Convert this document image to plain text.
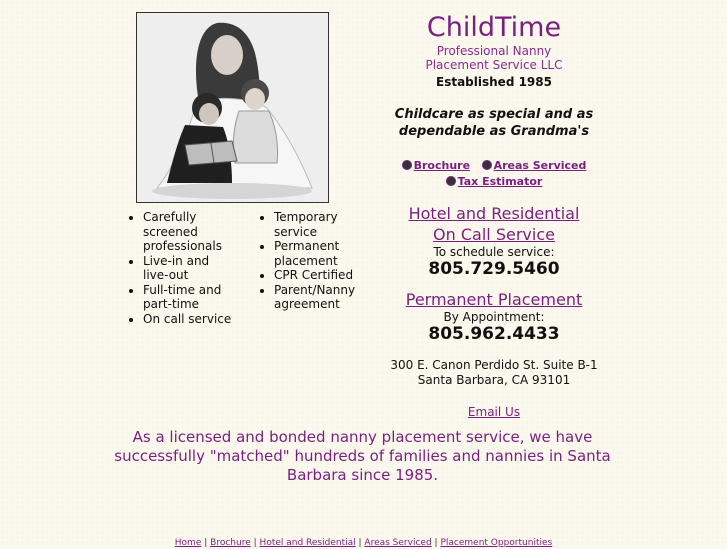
• Carefully screened professionals
• Live-in and live-out
• Full-time and part-time
• On call service
• Temporary service
• Permanent placement
• CPR Certified
• Parent/Nanny agreement
ChildTime
Professional Nanny
Placement Service LLC
Established 1985
Childcare as special and as
dependable as Grandma's
Brochure Areas Serviced
Tax Estimator
Hotel and Residential
On Call Service
To schedule service:
805.729.5460
Permanent Placement
By Appointment:
805.962.4433
300 E. Canon Perdido St. Suite B-1
Santa Barbara, CA 93101
Email Us
As a licensed and bonded nanny placement service, we have successfully "matched" hundreds of families and nannies in Santa Barbara since 1985.
Home | Brochure | Hotel and Residential | Areas Serviced | Placement Opportunities
